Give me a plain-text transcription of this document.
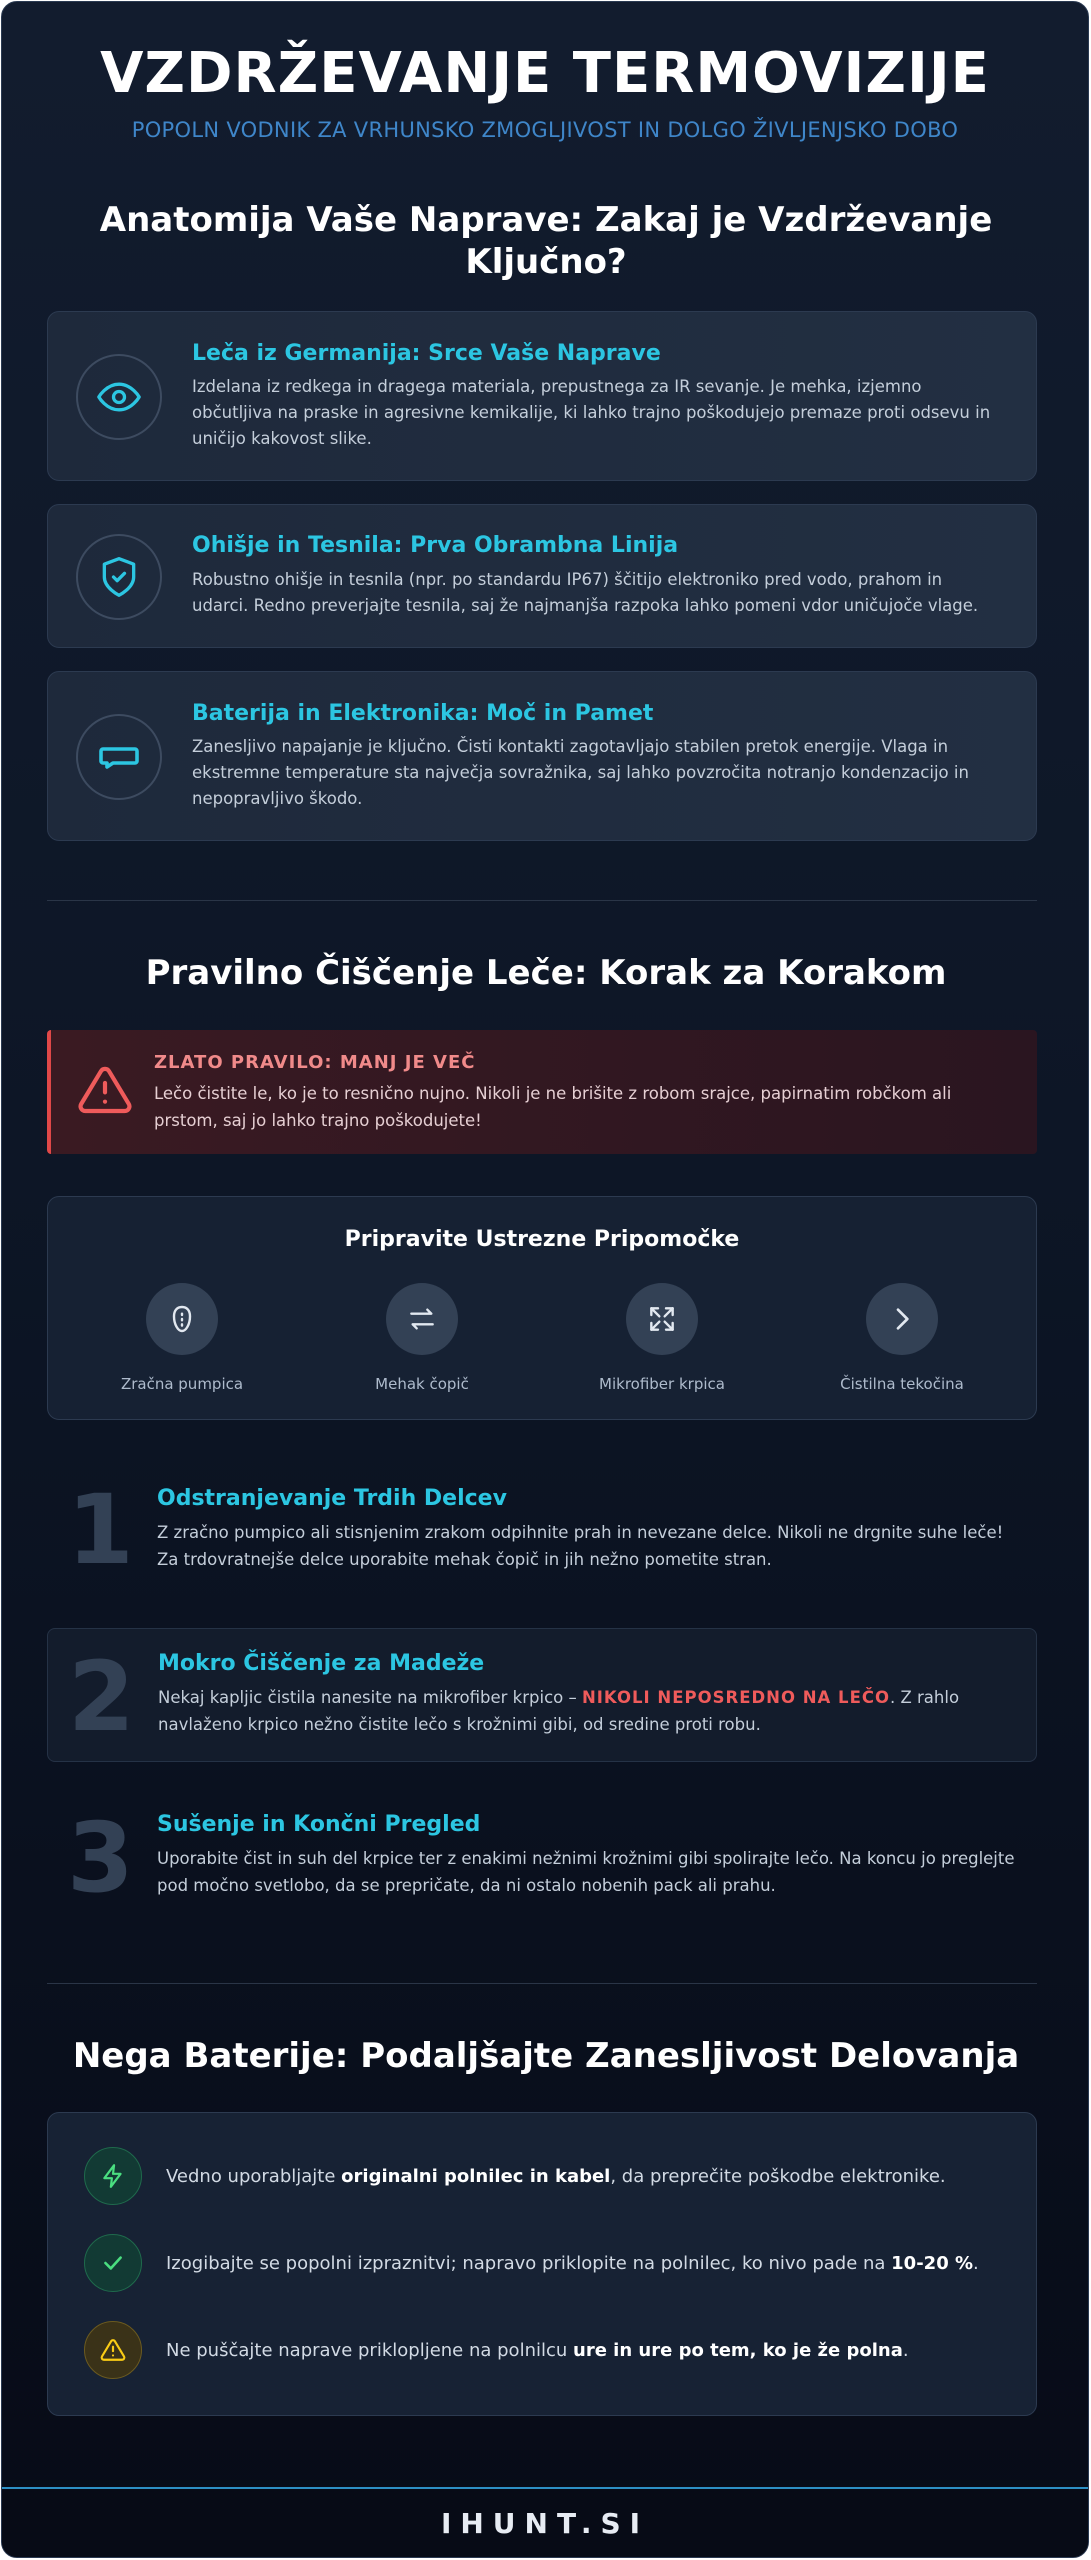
VZDRŽEVANJE TERMOVIZIJE
POPOLN VODNIK ZA VRHUNSKO ZMOGLJIVOST IN DOLGO ŽIVLJENJSKO DOBO
Anatomija Vaše Naprave: Zakaj je Vzdrževanje Ključno?
Leča iz Germanija: Srce Vaše Naprave
Izdelana iz redkega in dragega materiala, prepustnega za IR sevanje. Je mehka, izjemno občutljiva na praske in agresivne kemikalije, ki lahko trajno poškodujejo premaze proti odsevu in uničijo kakovost slike.
Ohišje in Tesnila: Prva Obrambna Linija
Robustno ohišje in tesnila (npr. po standardu IP67) ščitijo elektroniko pred vodo, prahom in udarci. Redno preverjajte tesnila, saj že najmanjša razpoka lahko pomeni vdor uničujoče vlage.
Baterija in Elektronika: Moč in Pamet
Zanesljivo napajanje je ključno. Čisti kontakti zagotavljajo stabilen pretok energije. Vlaga in ekstremne temperature sta največja sovražnika, saj lahko povzročita notranjo kondenzacijo in nepopravljivo škodo.
Pravilno Čiščenje Leče: Korak za Korakom
ZLATO PRAVILO: MANJ JE VEČ
Lečo čistite le, ko je to resnično nujno. Nikoli je ne brišite z robom srajce, papirnatim robčkom ali prstom, saj jo lahko trajno poškodujete!
Pripravite Ustrezne Pripomočke
Zračna pumpica	Mehak čopič	Mikrofiber krpica	Čistilna tekočina
1 Odstranjevanje Trdih Delcev
Z zračno pumpico ali stisnjenim zrakom odpihnite prah in nevezane delce. Nikoli ne drgnite suhe leče! Za trdovratnejše delce uporabite mehak čopič in jih nežno pometite stran.
2 Mokro Čiščenje za Madeže
Nekaj kapljic čistila nanesite na mikrofiber krpico – NIKOLI NEPOSREDNO NA LEČO. Z rahlo navlaženo krpico nežno čistite lečo s krožnimi gibi, od sredine proti robu.
3 Sušenje in Končni Pregled
Uporabite čist in suh del krpice ter z enakimi nežnimi krožnimi gibi spolirajte lečo. Na koncu jo preglejte pod močno svetlobo, da se prepričate, da ni ostalo nobenih pack ali prahu.
Nega Baterije: Podaljšajte Zanesljivost Delovanja
Vedno uporabljajte originalni polnilec in kabel, da preprečite poškodbe elektronike.
Izogibajte se popolni izpraznitvi; napravo priklopite na polnilec, ko nivo pade na 10-20 %.
Ne puščajte naprave priklopljene na polnilcu ure in ure po tem, ko je že polna.
IHUNT.SI
